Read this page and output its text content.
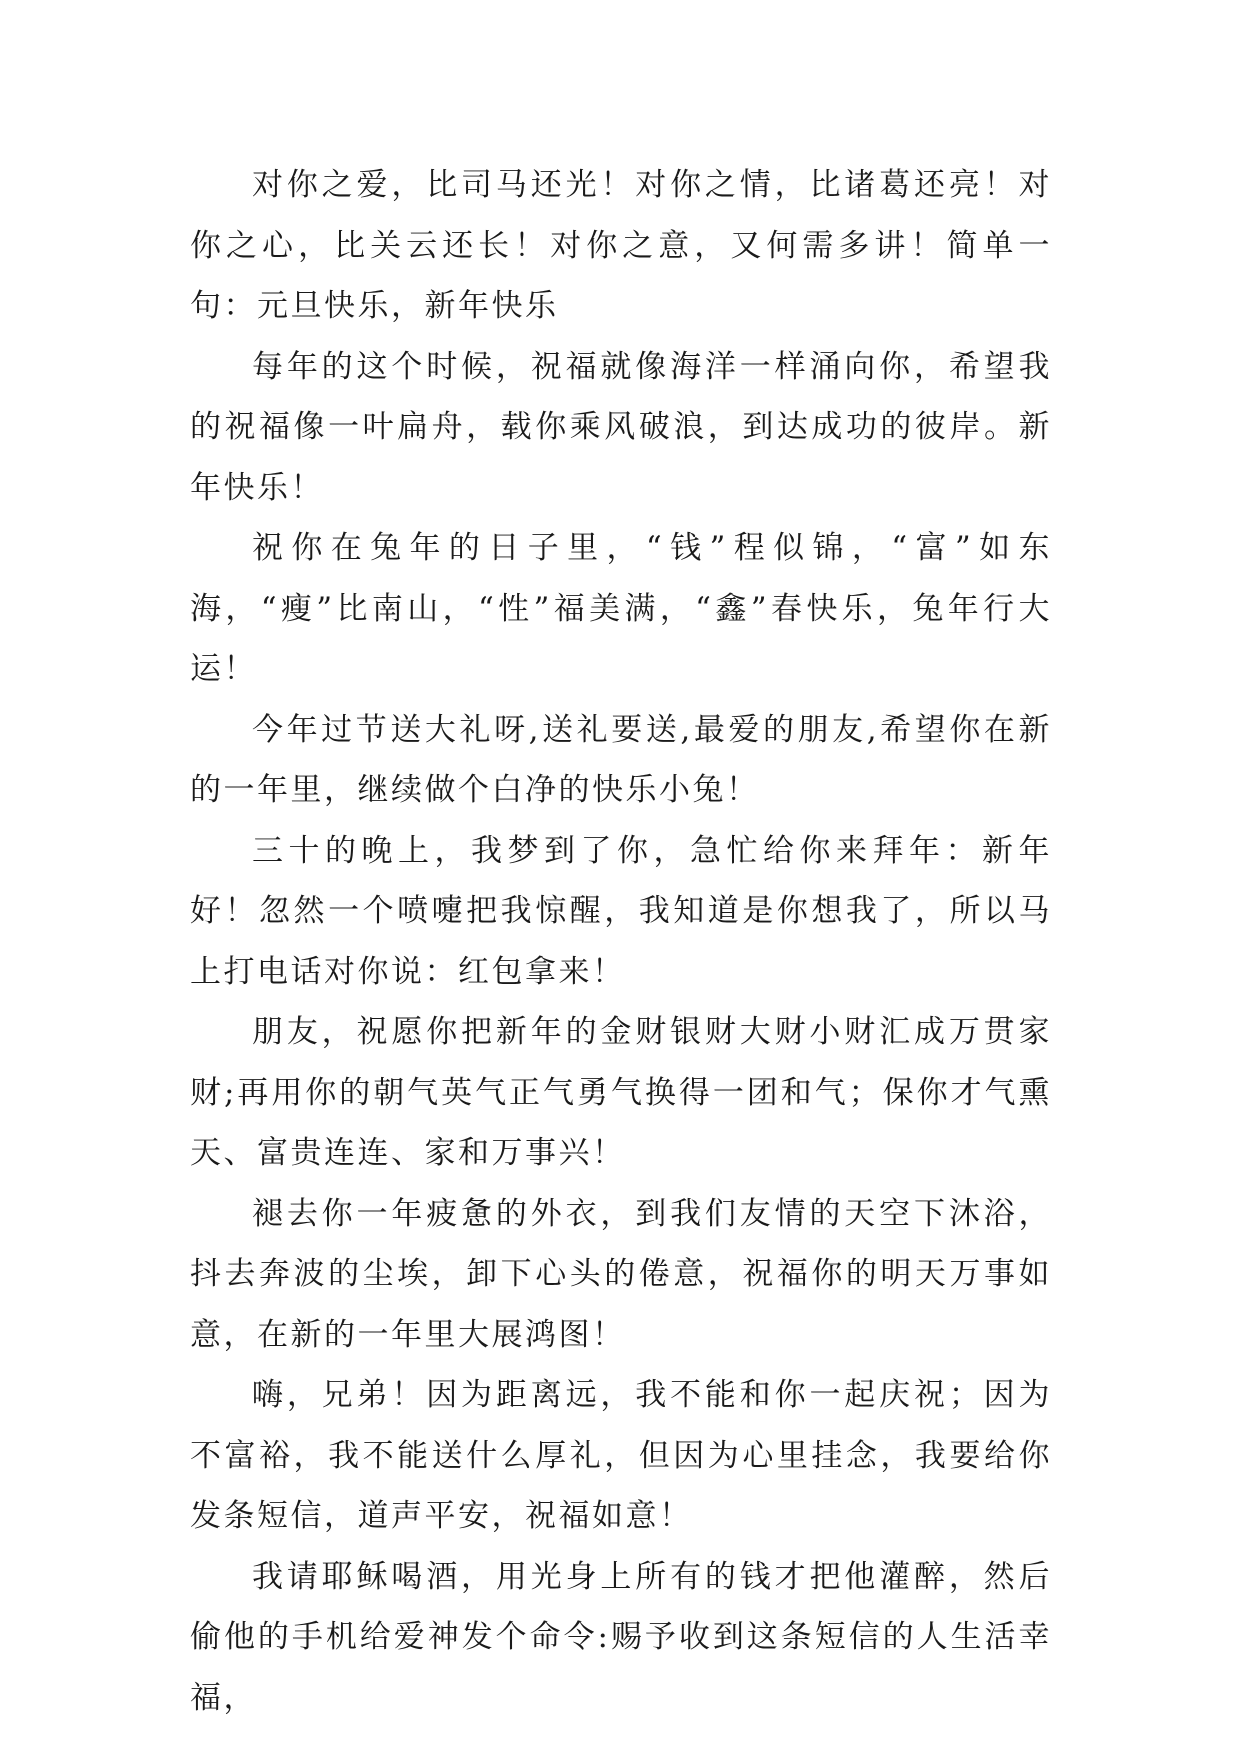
对你之爱，比司马还光！对你之情，比诸葛还亮！对你之心，比关云还长！对你之意，又何需多讲！简单一句：元旦快乐，新年快乐

每年的这个时候，祝福就像海洋一样涌向你，希望我的祝福像一叶扁舟，载你乘风破浪，到达成功的彼岸。新年快乐！

祝你在兔年的日子里，“钱”程似锦，“富”如东海，“瘦”比南山，“性”福美满，“鑫”春快乐，兔年行大运！

今年过节送大礼呀,送礼要送,最爱的朋友,希望你在新的一年里，继续做个白净的快乐小兔！

三十的晚上，我梦到了你，急忙给你来拜年：新年好！忽然一个喷嚏把我惊醒，我知道是你想我了，所以马上打电话对你说：红包拿来！

朋友，祝愿你把新年的金财银财大财小财汇成万贯家财;再用你的朝气英气正气勇气换得一团和气；保你才气熏天、富贵连连、家和万事兴！

褪去你一年疲惫的外衣，到我们友情的天空下沐浴，抖去奔波的尘埃，卸下心头的倦意，祝福你的明天万事如意，在新的一年里大展鸿图！

嗨，兄弟！因为距离远，我不能和你一起庆祝；因为不富裕，我不能送什么厚礼，但因为心里挂念，我要给你发条短信，道声平安，祝福如意！

我请耶稣喝酒，用光身上所有的钱才把他灌醉，然后偷他的手机给爱神发个命令:赐予收到这条短信的人生活幸福，
